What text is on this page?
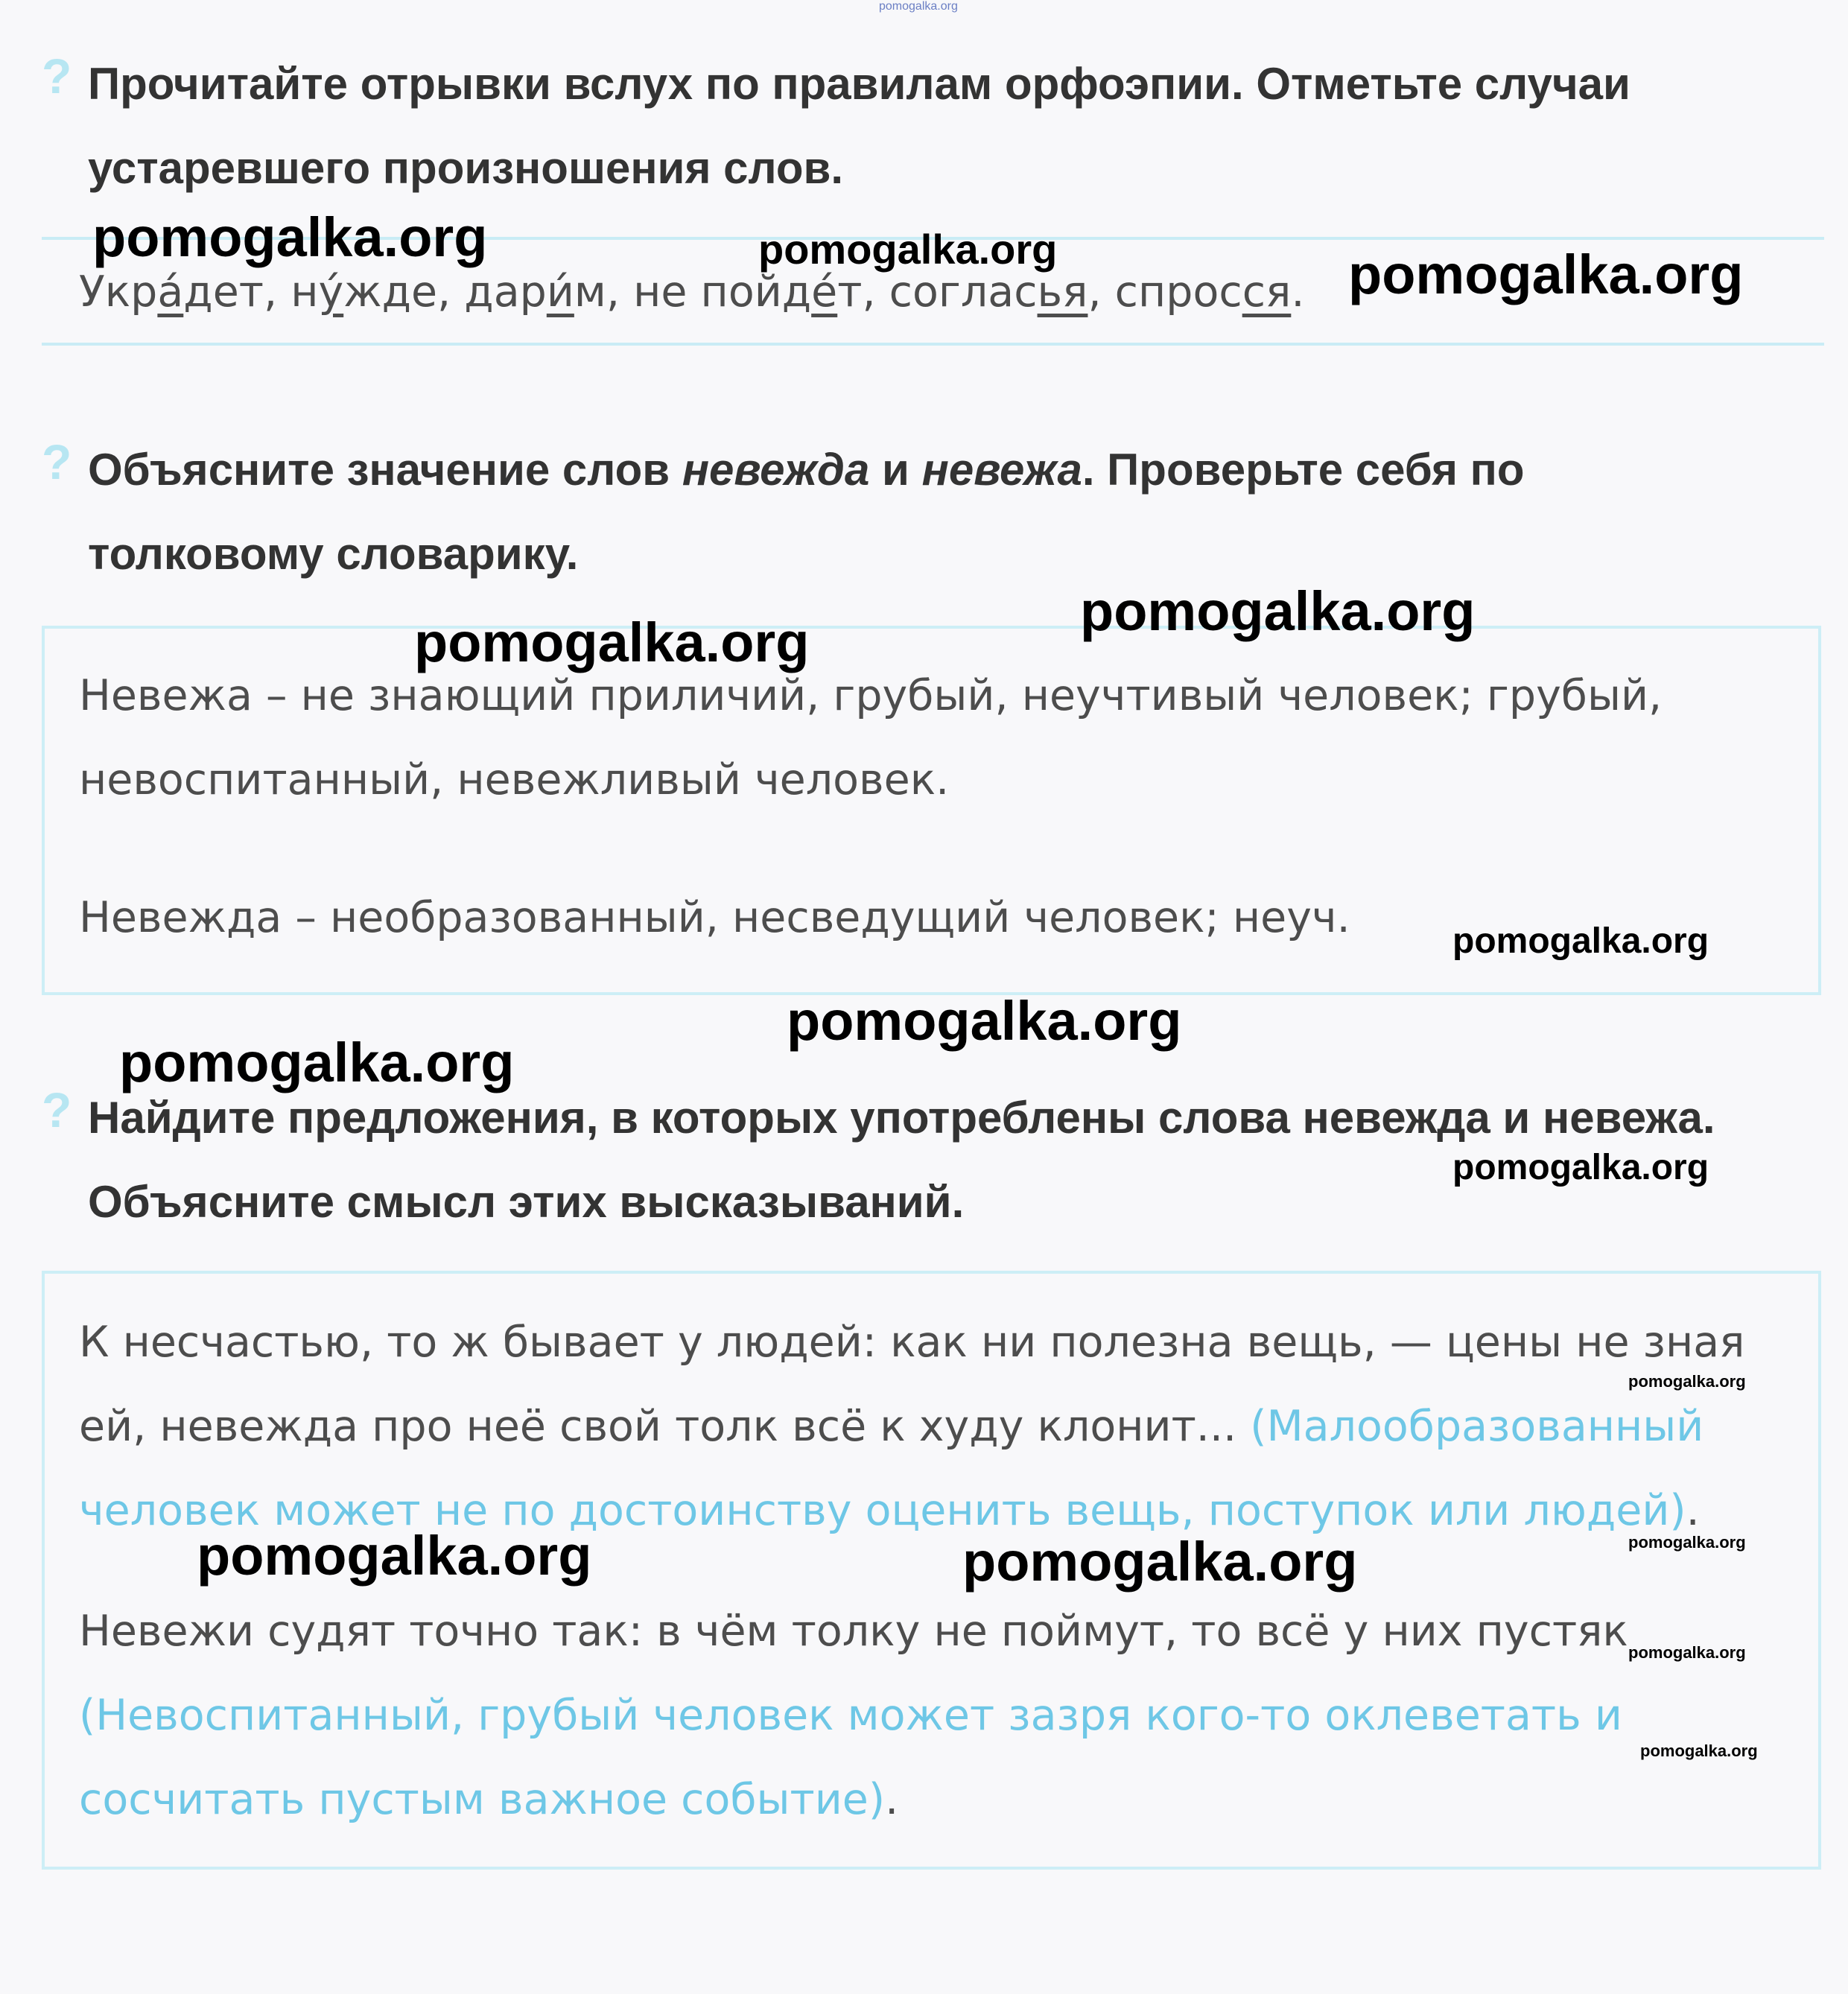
pomogalka.org
? Прочитайте отрывки вслух по правилам орфоэпии. Отметьте случаи
устаревшего произношения слов.

Укра́дет, ну́жде, дари́м, не пойде́т, согласья, спросся.

? Объясните значение слов невежда и невежа. Проверьте себя по
толковому словарику.
Невежа – не знающий приличий, грубый, неучтивый человек; грубый,
невоспитанный, невежливый человек.
Невежда – необразованный, несведущий человек; неуч.
? Найдите предложения, в которых употреблены слова невежда и невежа.
Объясните смысл этих высказываний.
К несчастью, то ж бывает у людей: как ни полезна вещь, — цены не зная
ей, невежда про неё свой толк всё к худу клонит... (Малообразованный
человек может не по достоинству оценить вещь, поступок или людей).
Невежи судят точно так: в чём толку не поймут, то всё у них пустяк
(Невоспитанный, грубый человек может зазря кого-то оклеветать и
сосчитать пустым важное событие).
pomogalka.org	pomogalka.org	pomogalka.org
pomogalka.org
pomogalka.org
pomogalka.org
pomogalka.org
pomogalka.org
pomogalka.org
pomogalka.org
pomogalka.org	pomogalka.org	pomogalka.org
pomogalka.org
pomogalka.org
